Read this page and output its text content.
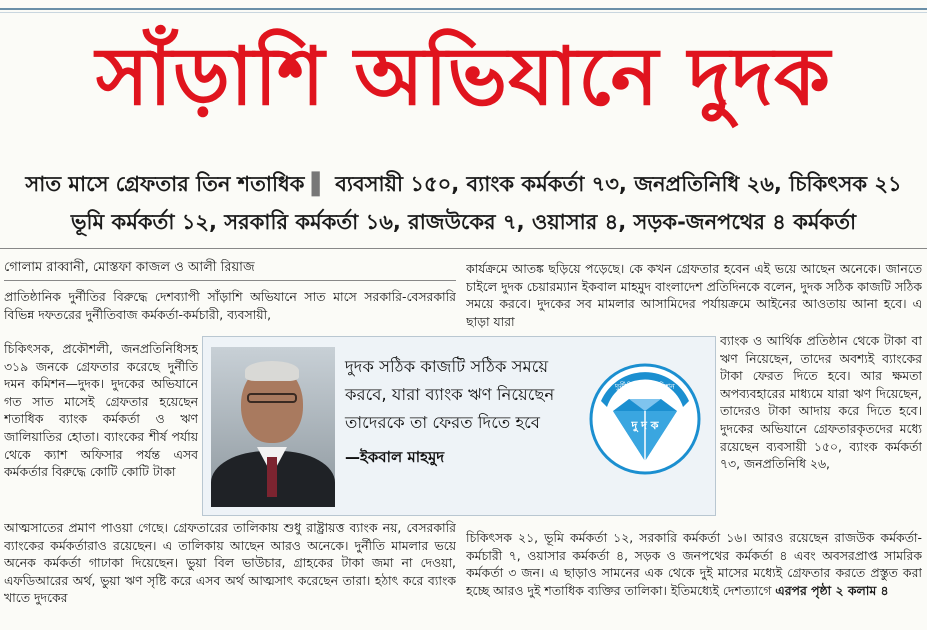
সাঁড়াশি অভিযানে দুদক
সাত মাসে গ্রেফতার তিন শতাধিক ▌ ব্যবসায়ী ১৫০, ব্যাংক কর্মকর্তা ৭৩, জনপ্রতিনিধি ২৬, চিকিৎসক ২১
ভূমি কর্মকর্তা ১২, সরকারি কর্মকর্তা ১৬, রাজউকের ৭, ওয়াসার ৪, সড়ক-জনপথের ৪ কর্মকর্তা
গোলাম রাব্বানী, মোস্তফা কাজল ও আলী রিয়াজ

প্রাতিষ্ঠানিক দুর্নীতির বিরুদ্ধে দেশব্যাপী সাঁড়াশি অভিযানে সাত মাসে সরকারি-বেসরকারি বিভিন্ন দফতরের দুর্নীতিবাজ কর্মকর্তা-কর্মচারী, ব্যবসায়ী,

চিকিৎসক, প্রকৌশলী, জনপ্রতিনিধিসহ ৩১৯ জনকে গ্রেফতার করেছে দুর্নীতি দমন কমিশন—দুদক। দুদকের অভিযানে গত সাত মাসেই গ্রেফতার হয়েছেন শতাধিক ব্যাংক কর্মকর্তা ও ঋণ জালিয়াতির হোতা। ব্যাংকের শীর্ষ পর্যায় থেকে ক্যাশ অফিসার পর্যন্ত এসব কর্মকর্তার বিরুদ্ধে কোটি কোটি টাকা

আত্মসাতের প্রমাণ পাওয়া গেছে। গ্রেফতারের তালিকায় শুধু রাষ্ট্রায়ত্ত ব্যাংক নয়, বেসরকারি ব্যাংকের কর্মকর্তারাও রয়েছেন। এ তালিকায় আছেন আরও অনেকে। দুর্নীতি মামলার ভয়ে অনেক কর্মকর্তা গাঢাকা দিয়েছেন। ভুয়া বিল ভাউচার, গ্রাহকের টাকা জমা না দেওয়া, এফডিআরের অর্থ, ভুয়া ঋণ সৃষ্টি করে এসব অর্থ আত্মসাৎ করেছেন তারা। হঠাৎ করে ব্যাংক খাতে দুদকের

কার্যক্রমে আতঙ্ক ছড়িয়ে পড়েছে। কে কখন গ্রেফতার হবেন এই ভয়ে আছেন অনেকে। জানতে চাইলে দুদক চেয়ারম্যান ইকবাল মাহমুদ বাংলাদেশ প্রতিদিনকে বলেন, দুদক সঠিক কাজটি সঠিক সময়ে করবে। দুদকের সব মামলার আসামিদের পর্যায়ক্রমে আইনের আওতায় আনা হবে। এ ছাড়া যারা

ব্যাংক ও আর্থিক প্রতিষ্ঠান থেকে টাকা বা ঋণ নিয়েছেন, তাদের অবশ্যই ব্যাংকের টাকা ফেরত দিতে হবে। আর ক্ষমতা অপব্যবহারের মাধ্যমে যারা ঋণ দিয়েছেন, তাদেরও টাকা আদায় করে দিতে হবে। দুদকের অভিযানে গ্রেফতারকৃতদের মধ্যে রয়েছেন ব্যবসায়ী ১৫০, ব্যাংক কর্মকর্তা ৭৩, জনপ্রতিনিধি ২৬,

চিকিৎসক ২১, ভূমি কর্মকর্তা ১২, সরকারি কর্মকর্তা ১৬। আরও রয়েছেন রাজউক কর্মকর্তা-কর্মচারী ৭, ওয়াসার কর্মকর্তা ৪, সড়ক ও জনপথের কর্মকর্তা ৪ এবং অবসরপ্রাপ্ত সামরিক কর্মকর্তা ৩ জন। এ ছাড়াও সামনের এক থেকে দুই মাসের মধ্যেই গ্রেফতার করতে প্রস্তুত করা হচ্ছে আরও দুই শতাধিক ব্যক্তির তালিকা। ইতিমধ্যেই দেশত্যাগে এরপর পৃষ্ঠা ২ কলাম ৪

দুদক সঠিক কাজটি সঠিক সময়ে করবে, যারা ব্যাংক ঋণ নিয়েছেন তাদেরকে তা ফেরত দিতে হবে
—ইকবাল মাহমুদ
দুর্নীতি দমন কমিশন
দু দ ক
